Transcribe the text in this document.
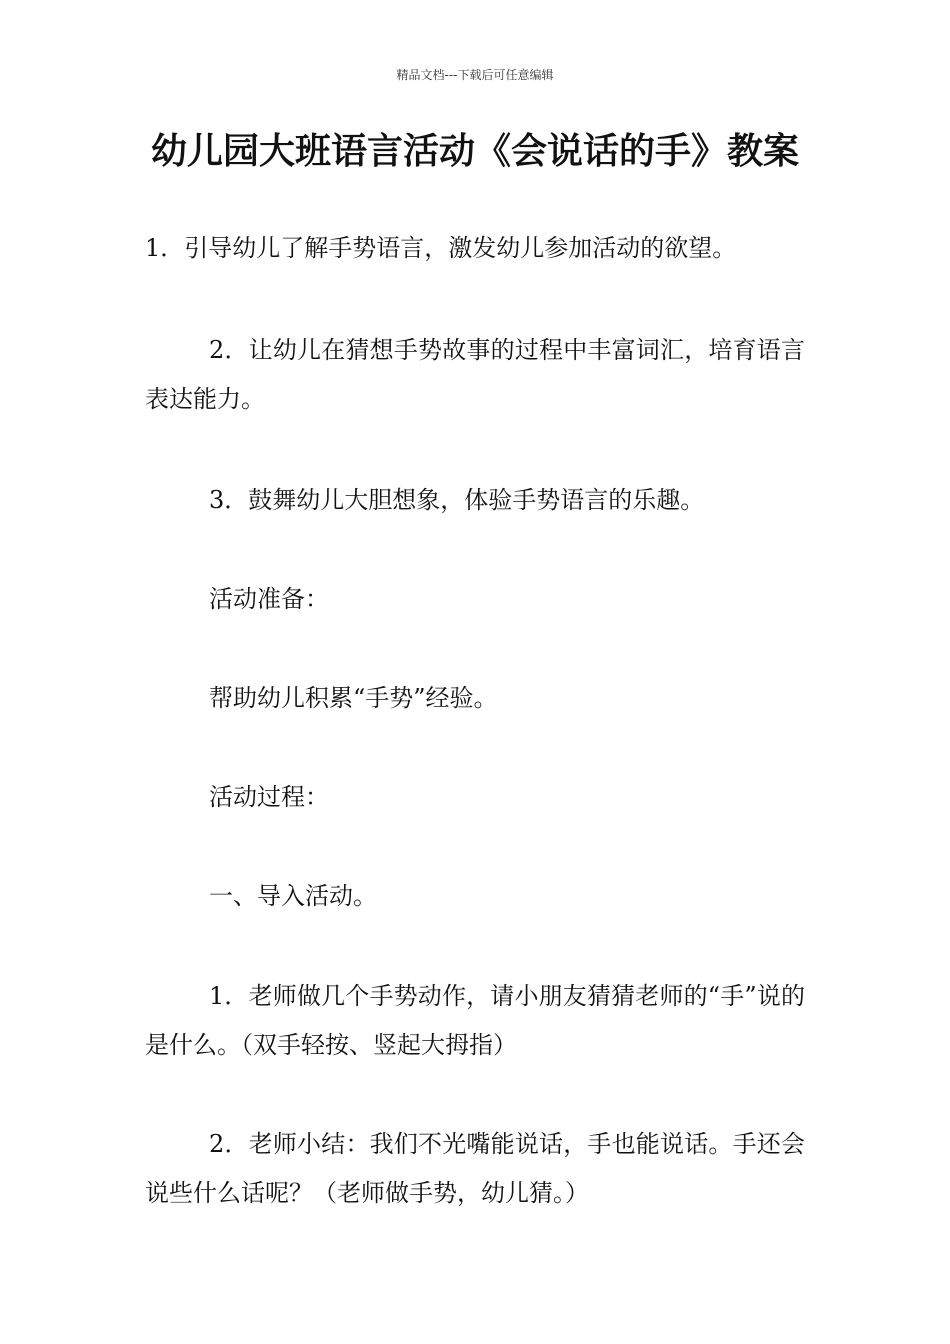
精品文档---下载后可任意编辑
幼儿园大班语言活动《会说话的手》教案

1．引导幼儿了解手势语言，激发幼儿参加活动的欲望。

2．让幼儿在猜想手势故事的过程中丰富词汇，培育语言表达能力。

3．鼓舞幼儿大胆想象，体验手势语言的乐趣。

活动准备：

帮助幼儿积累“手势”经验。

活动过程：

一、导入活动。

1．老师做几个手势动作，请小朋友猜猜老师的“手”说的是什么。（双手轻按、竖起大拇指）

2．老师小结：我们不光嘴能说话，手也能说话。手还会说些什么话呢？（老师做手势，幼儿猜。）
